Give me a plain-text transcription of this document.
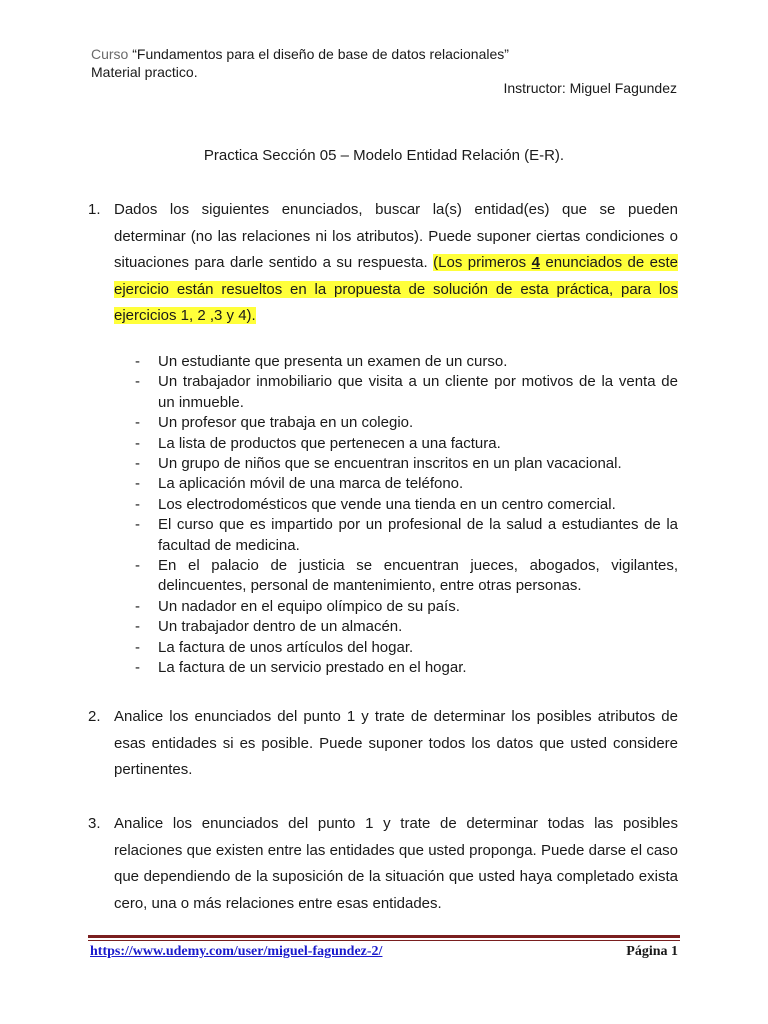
Curso “Fundamentos para el diseño de base de datos relacionales”
Material practico.
Instructor: Miguel Fagundez
Practica Sección 05 – Modelo Entidad Relación (E-R).
1. Dados los siguientes enunciados, buscar la(s) entidad(es) que se pueden determinar (no las relaciones ni los atributos). Puede suponer ciertas condiciones o situaciones para darle sentido a su respuesta. (Los primeros 4 enunciados de este ejercicio están resueltos en la propuesta de solución de esta práctica, para los ejercicios 1, 2 ,3 y 4).
- Un estudiante que presenta un examen de un curso.
- Un trabajador inmobiliario que visita a un cliente por motivos de la venta de un inmueble.
- Un profesor que trabaja en un colegio.
- La lista de productos que pertenecen a una factura.
- Un grupo de niños que se encuentran inscritos en un plan vacacional.
- La aplicación móvil de una marca de teléfono.
- Los electrodomésticos que vende una tienda en un centro comercial.
- El curso que es impartido por un profesional de la salud a estudiantes de la facultad de medicina.
- En el palacio de justicia se encuentran jueces, abogados, vigilantes, delincuentes, personal de mantenimiento, entre otras personas.
- Un nadador en el equipo olímpico de su país.
- Un trabajador dentro de un almacén.
- La factura de unos artículos del hogar.
- La factura de un servicio prestado en el hogar.
2. Analice los enunciados del punto 1 y trate de determinar los posibles atributos de esas entidades si es posible. Puede suponer todos los datos que usted considere pertinentes.
3. Analice los enunciados del punto 1 y trate de determinar todas las posibles relaciones que existen entre las entidades que usted proponga. Puede darse el caso que dependiendo de la suposición de la situación que usted haya completado exista cero, una o más relaciones entre esas entidades.
https://www.udemy.com/user/miguel-fagundez-2/	Página 1
